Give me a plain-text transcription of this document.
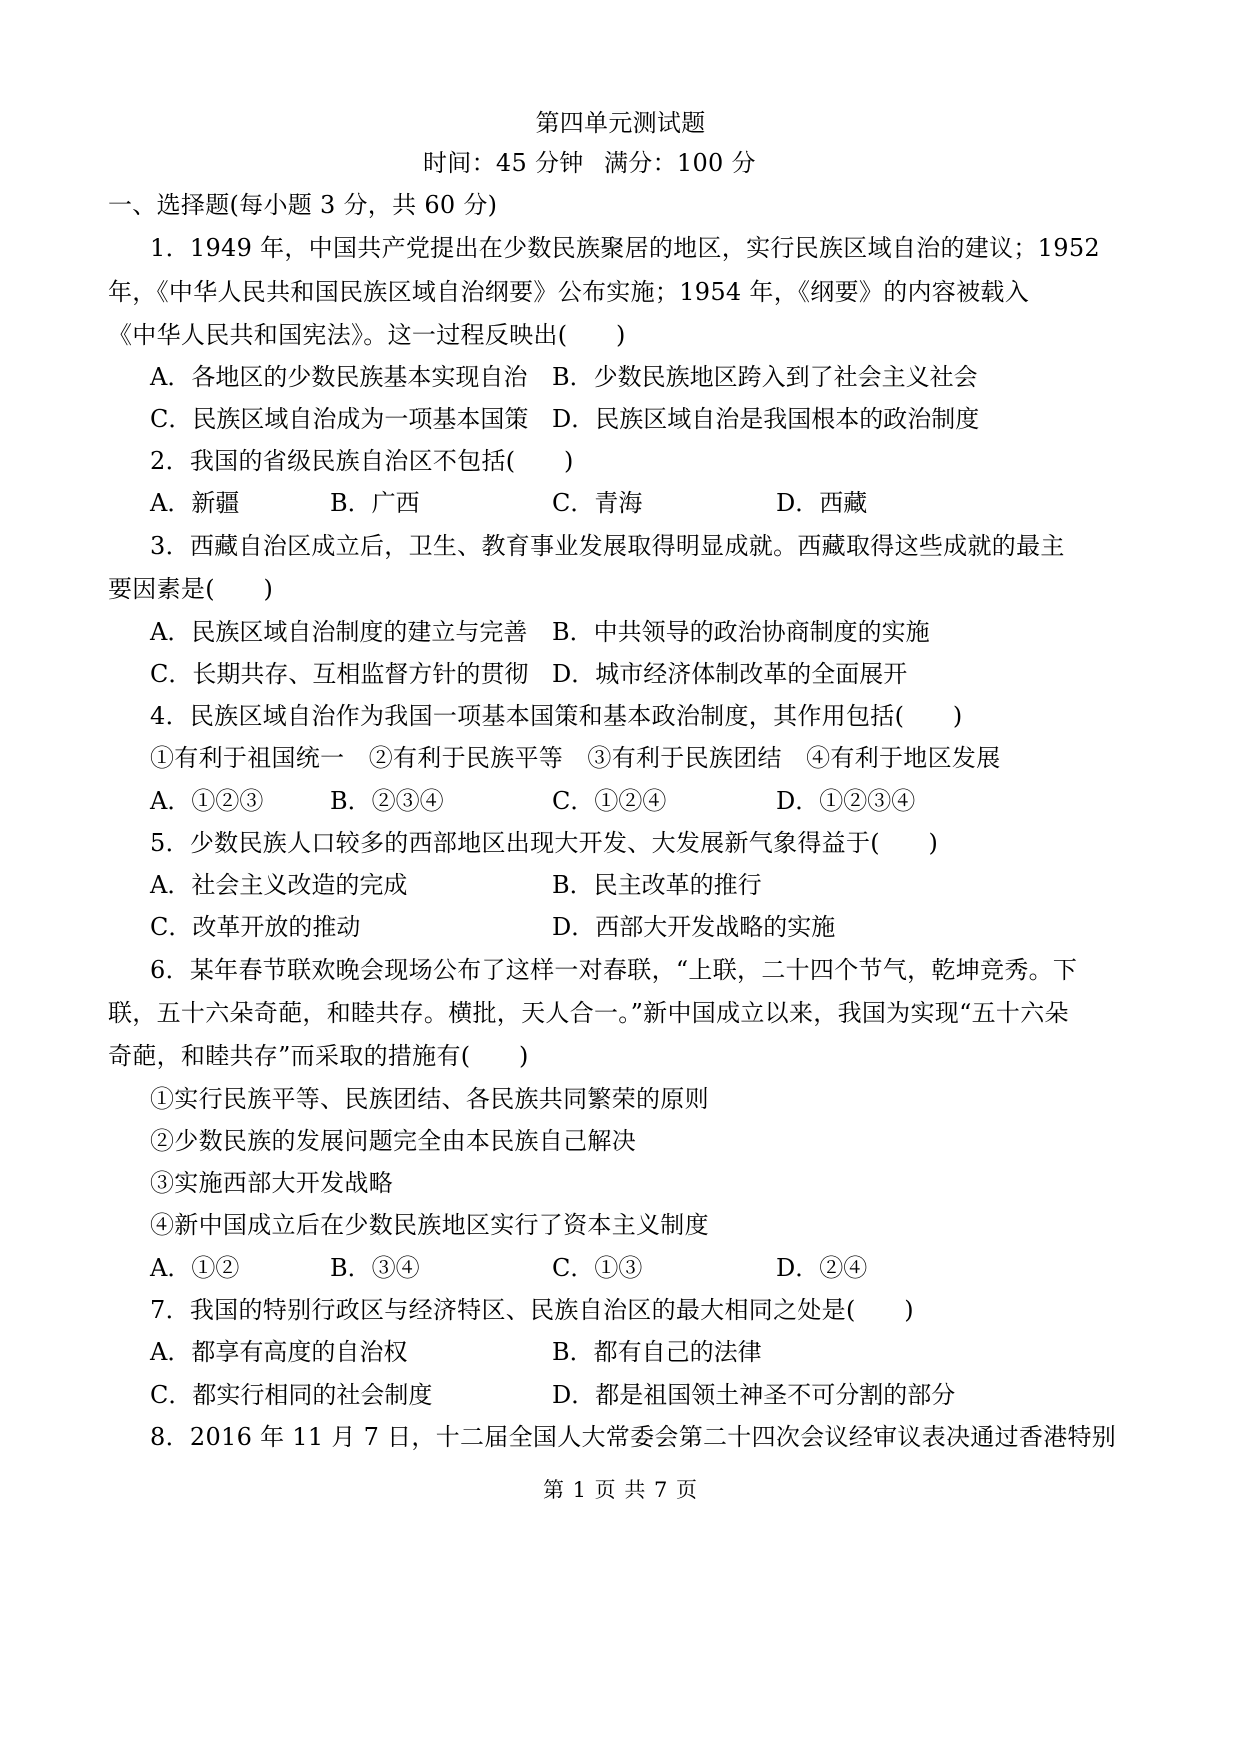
第四单元测试题
时间：45 分钟 满分：100 分
一、选择题(每小题 3 分，共 60 分)
1．1949 年，中国共产党提出在少数民族聚居的地区，实行民族区域自治的建议；1952
年，《中华人民共和国民族区域自治纲要》公布实施；1954 年，《纲要》的内容被载入
《中华人民共和国宪法》。这一过程反映出(　　)
A．各地区的少数民族基本实现自治 B．少数民族地区跨入到了社会主义社会
C．民族区域自治成为一项基本国策 D．民族区域自治是我国根本的政治制度
2．我国的省级民族自治区不包括(　　)
A．新疆	B．广西	C．青海	D．西藏
3．西藏自治区成立后，卫生、教育事业发展取得明显成就。西藏取得这些成就的最主
要因素是(　　)
A．民族区域自治制度的建立与完善 B．中共领导的政治协商制度的实施
C．长期共存、互相监督方针的贯彻 D．城市经济体制改革的全面展开
4．民族区域自治作为我国一项基本国策和基本政治制度，其作用包括(　　)
①有利于祖国统一　②有利于民族平等　③有利于民族团结　④有利于地区发展
A．①②③	B．②③④	C．①②④	D．①②③④
5．少数民族人口较多的西部地区出现大开发、大发展新气象得益于(　　)
A．社会主义改造的完成	B．民主改革的推行
C．改革开放的推动	D．西部大开发战略的实施
6．某年春节联欢晚会现场公布了这样一对春联，“上联，二十四个节气，乾坤竞秀。下
联，五十六朵奇葩，和睦共存。横批，天人合一。”新中国成立以来，我国为实现“五十六朵
奇葩，和睦共存”而采取的措施有(　　)
①实行民族平等、民族团结、各民族共同繁荣的原则
②少数民族的发展问题完全由本民族自己解决
③实施西部大开发战略
④新中国成立后在少数民族地区实行了资本主义制度
A．①②	B．③④	C．①③	D．②④
7．我国的特别行政区与经济特区、民族自治区的最大相同之处是(　　)
A．都享有高度的自治权	B．都有自己的法律
C．都实行相同的社会制度	D．都是祖国领土神圣不可分割的部分
8．2016 年 11 月 7 日，十二届全国人大常委会第二十四次会议经审议表决通过香港特别
第 1 页 共 7 页
